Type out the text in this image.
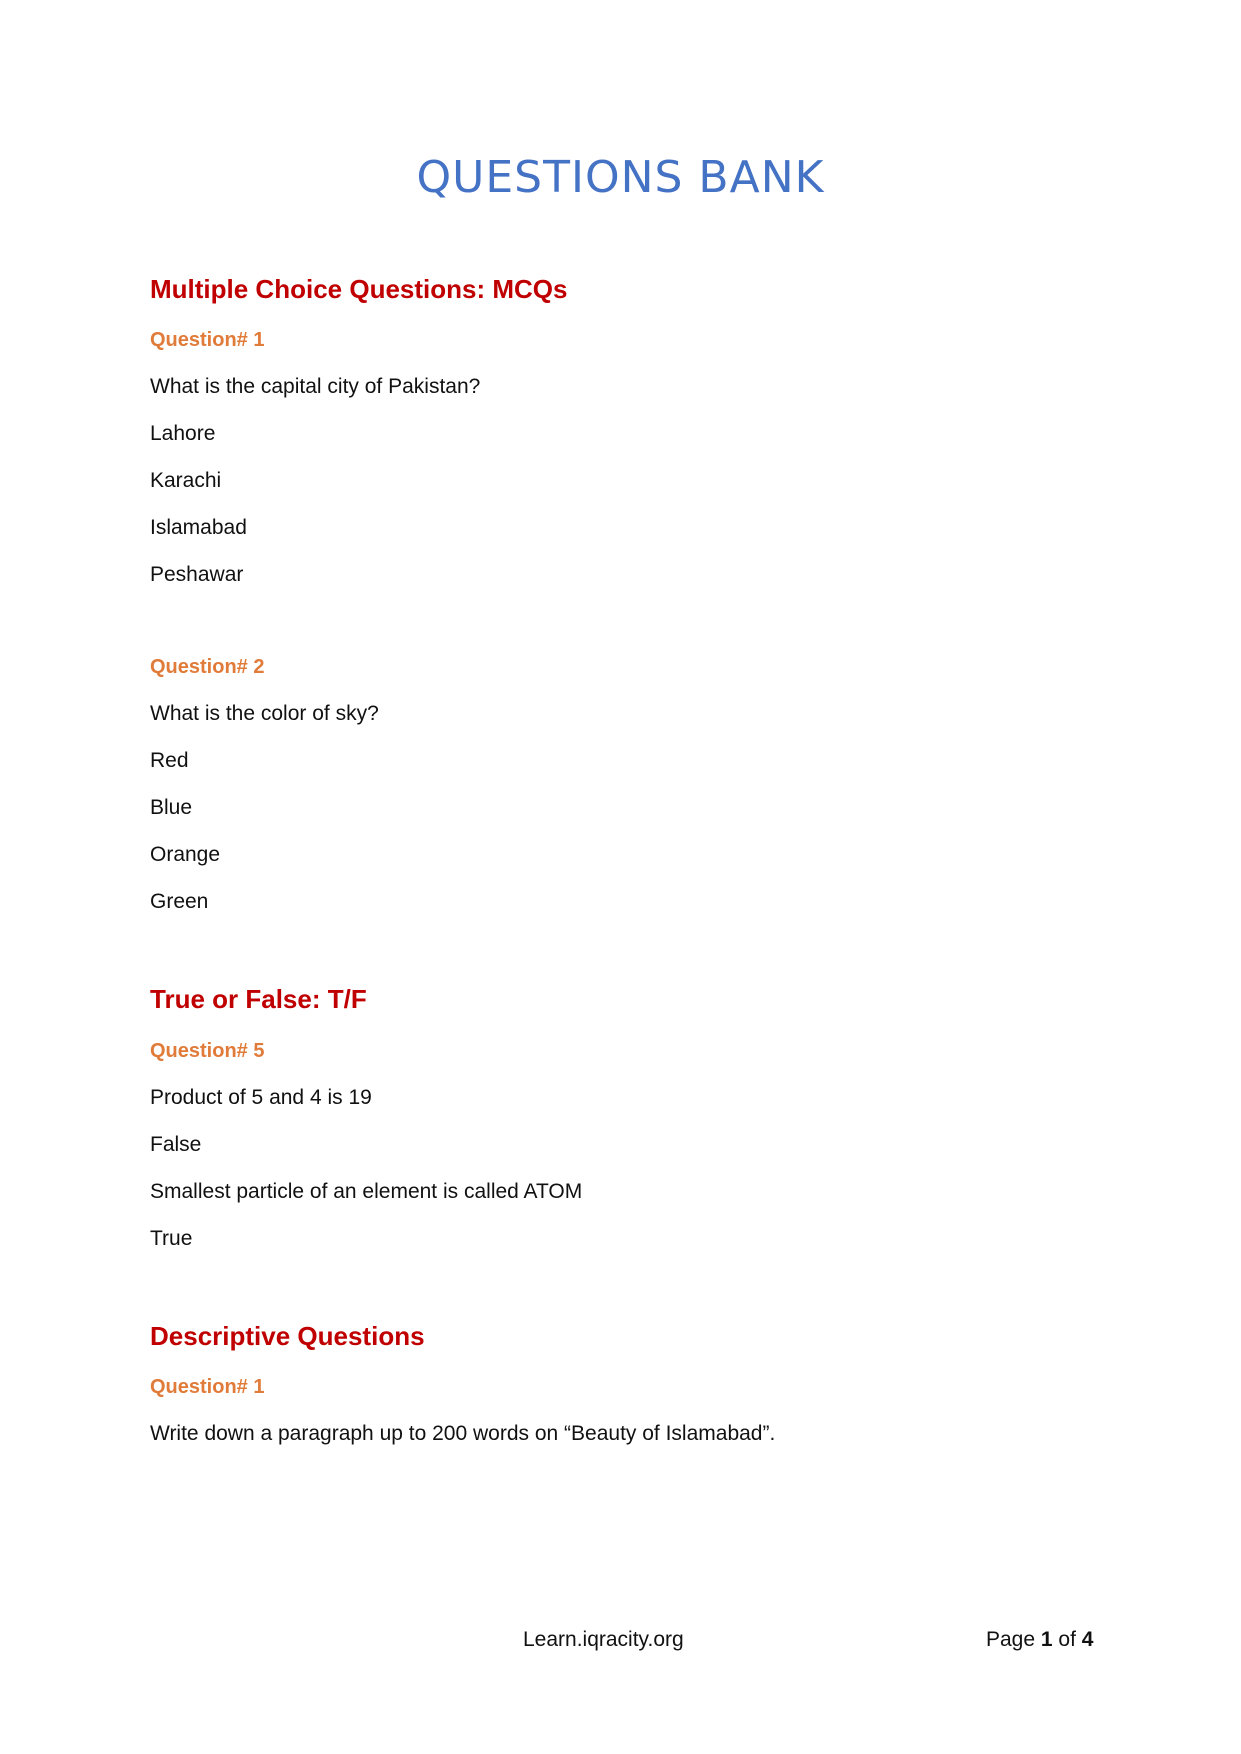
QUESTIONS BANK
Multiple Choice Questions: MCQs
Question# 1
What is the capital city of Pakistan?
Lahore
Karachi
Islamabad
Peshawar
Question# 2
What is the color of sky?
Red
Blue
Orange
Green
True or False: T/F
Question# 5
Product of 5 and 4 is 19
False
Smallest particle of an element is called ATOM
True
Descriptive Questions
Question# 1
Write down a paragraph up to 200 words on “Beauty of Islamabad”.
Learn.iqracity.org	Page 1 of 4
